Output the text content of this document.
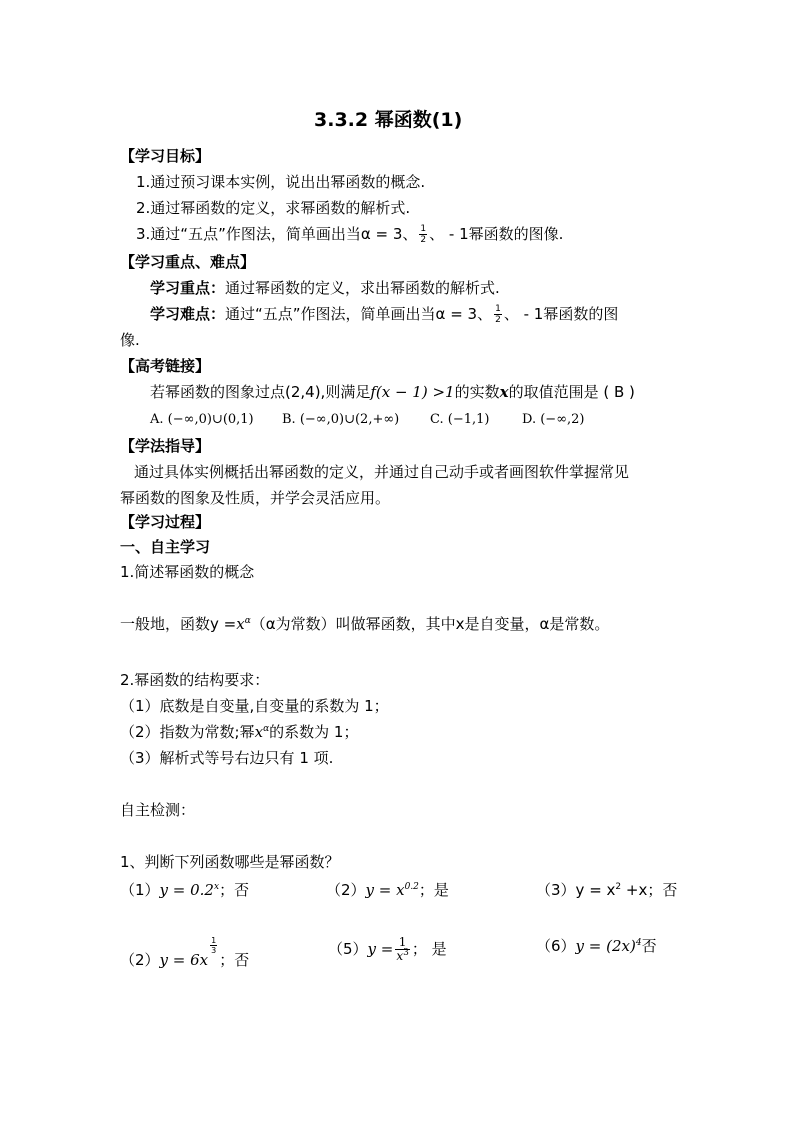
3.3.2 幂函数(1)
【学习目标】
1.通过预习课本实例，说出出幂函数的概念.
2.通过幂函数的定义，求幂函数的解析式.
3.通过“五点”作图法，简单画出当α = 3、 $\frac{1}{2}$ 、 - 1幂函数的图像.
【学习重点、难点】
学习重点：通过幂函数的定义，求出幂函数的解析式.
学习难点：通过“五点”作图法，简单画出当α = 3、 $\frac{1}{2}$ 、 - 1幂函数的图
像.
【高考链接】
若幂函数的图象过点(2,4),则满足f(x − 1) >1的实数x的取值范围是 ( B )
A. (−∞,0)∪(0,1) B. (−∞,0)∪(2,+∞) C. (−1,1)	D. (−∞,2)
【学法指导】
通过具体实例概括出幂函数的定义，并通过自己动手或者画图软件掌握常见
幂函数的图象及性质，并学会灵活应用。
【学习过程】
一、自主学习
1.简述幂函数的概念
一般地，函数$y =x^\alpha(\alpha$为常数）叫做幂函数，其中x是自变量，α是常数。
2.幂函数的结构要求：
（1）底数是自变量,自变量的系数为 1；
（2）指数为常数;幂$x^\alpha$的系数为 1；
（3）解析式等号右边只有 1 项.
自主检测：
1、判断下列函数哪些是幂函数？
$(1)y = 0.2^x$；否	$(2)y = x^{0.2}$；是	$(3)y = x^2 +x$；否
（2）y = 6x
$\frac{1}{3}$
；否
$(5)y = \frac{1}{x^3}$ ； 是	$(6)y = (2x)^4$否
